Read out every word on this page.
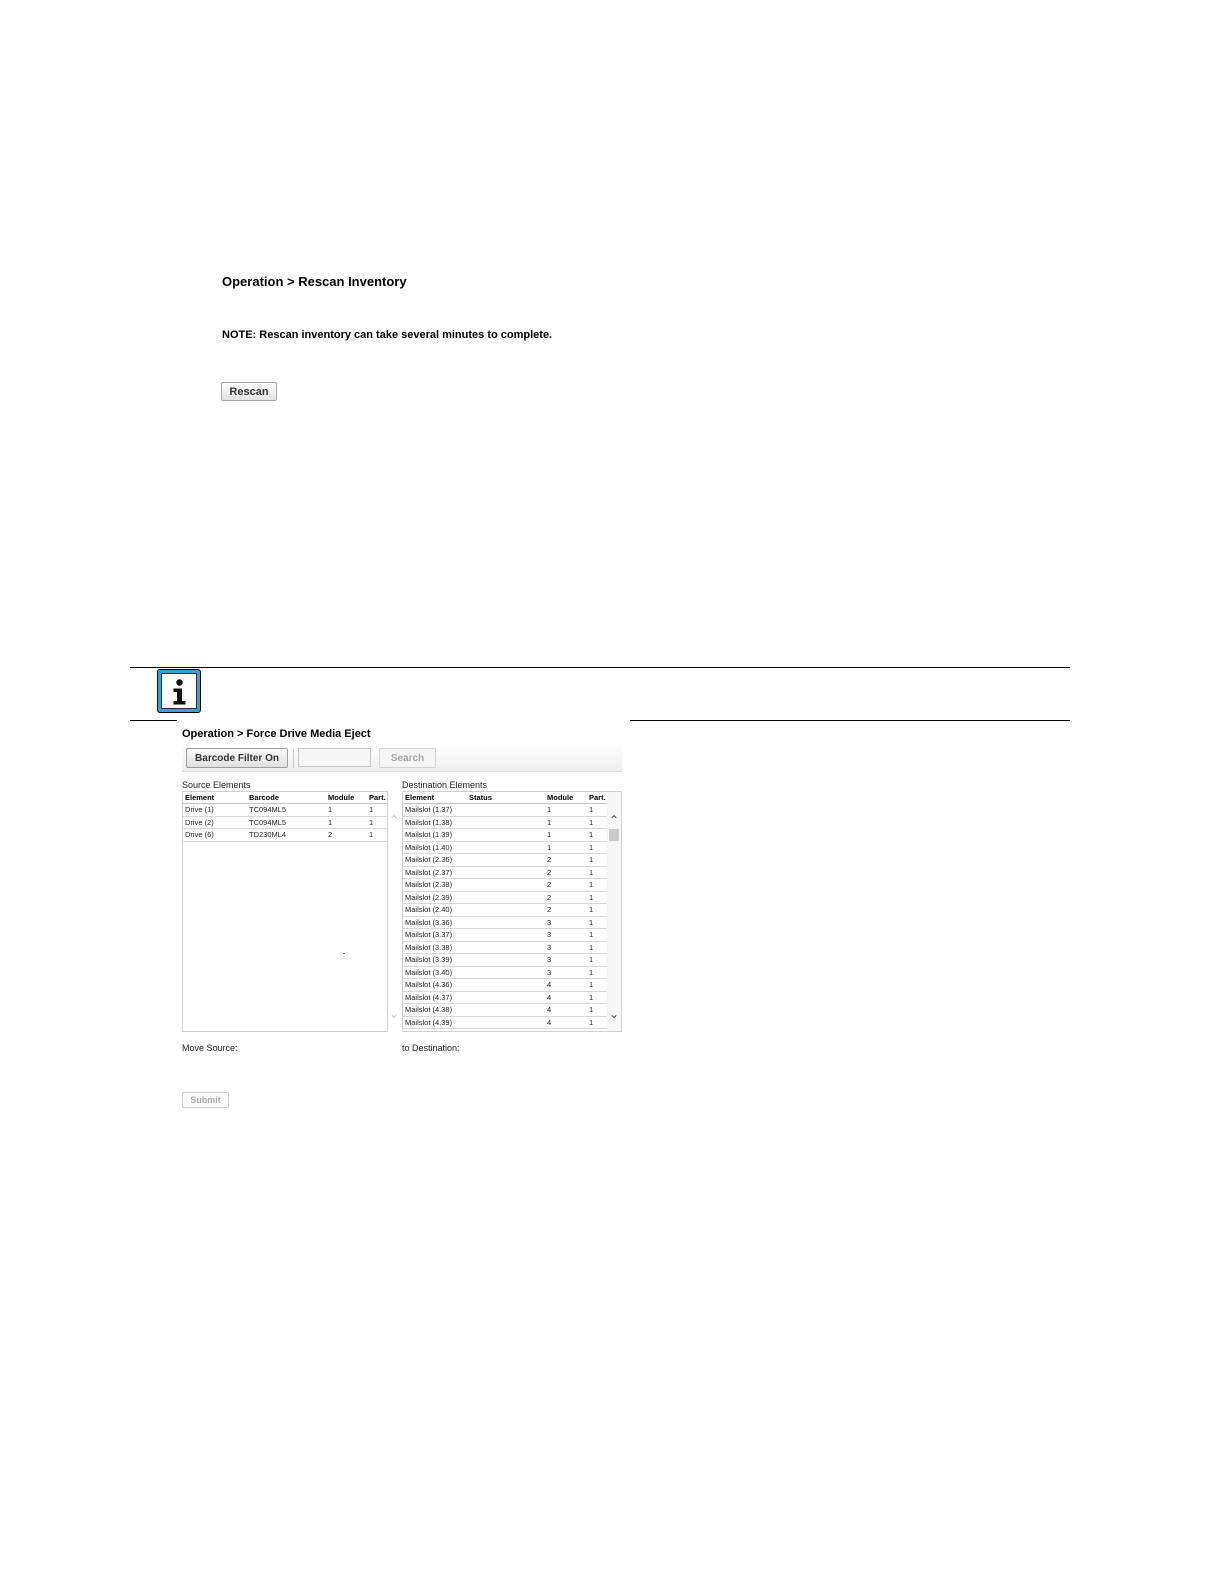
Operation > Rescan Inventory
NOTE: Rescan inventory can take several minutes to complete.
Rescan
Operation > Force Drive Media Eject
Barcode Filter On	Search
Source Elements	Destination Elements
Element	Barcode	Module	Part.
Drive (1)	TC094ML5	1	1
Drive (2)	TC094ML5	1	1
Drive (6)	TD230ML4	2	1
⌃
⌄
Element	Status	Module	Part.
Mailslot (1.37)		1	1
Mailslot (1.38)		1	1
Mailslot (1.39)		1	1
Mailslot (1.40)		1	1
Mailslot (2.36)		2	1
Mailslot (2.37)		2	1
Mailslot (2.38)		2	1
Mailslot (2.39)		2	1
Mailslot (2.40)		2	1
Mailslot (3.36)		3	1
Mailslot (3.37)		3	1
Mailslot (3.38)		3	1
Mailslot (3.39)		3	1
Mailslot (3.40)		3	1
Mailslot (4.36)		4	1
Mailslot (4.37)		4	1
Mailslot (4.38)		4	1
Mailslot (4.39)		4	1
⌃
⌄
Move Source:	to Destination:
Submit
